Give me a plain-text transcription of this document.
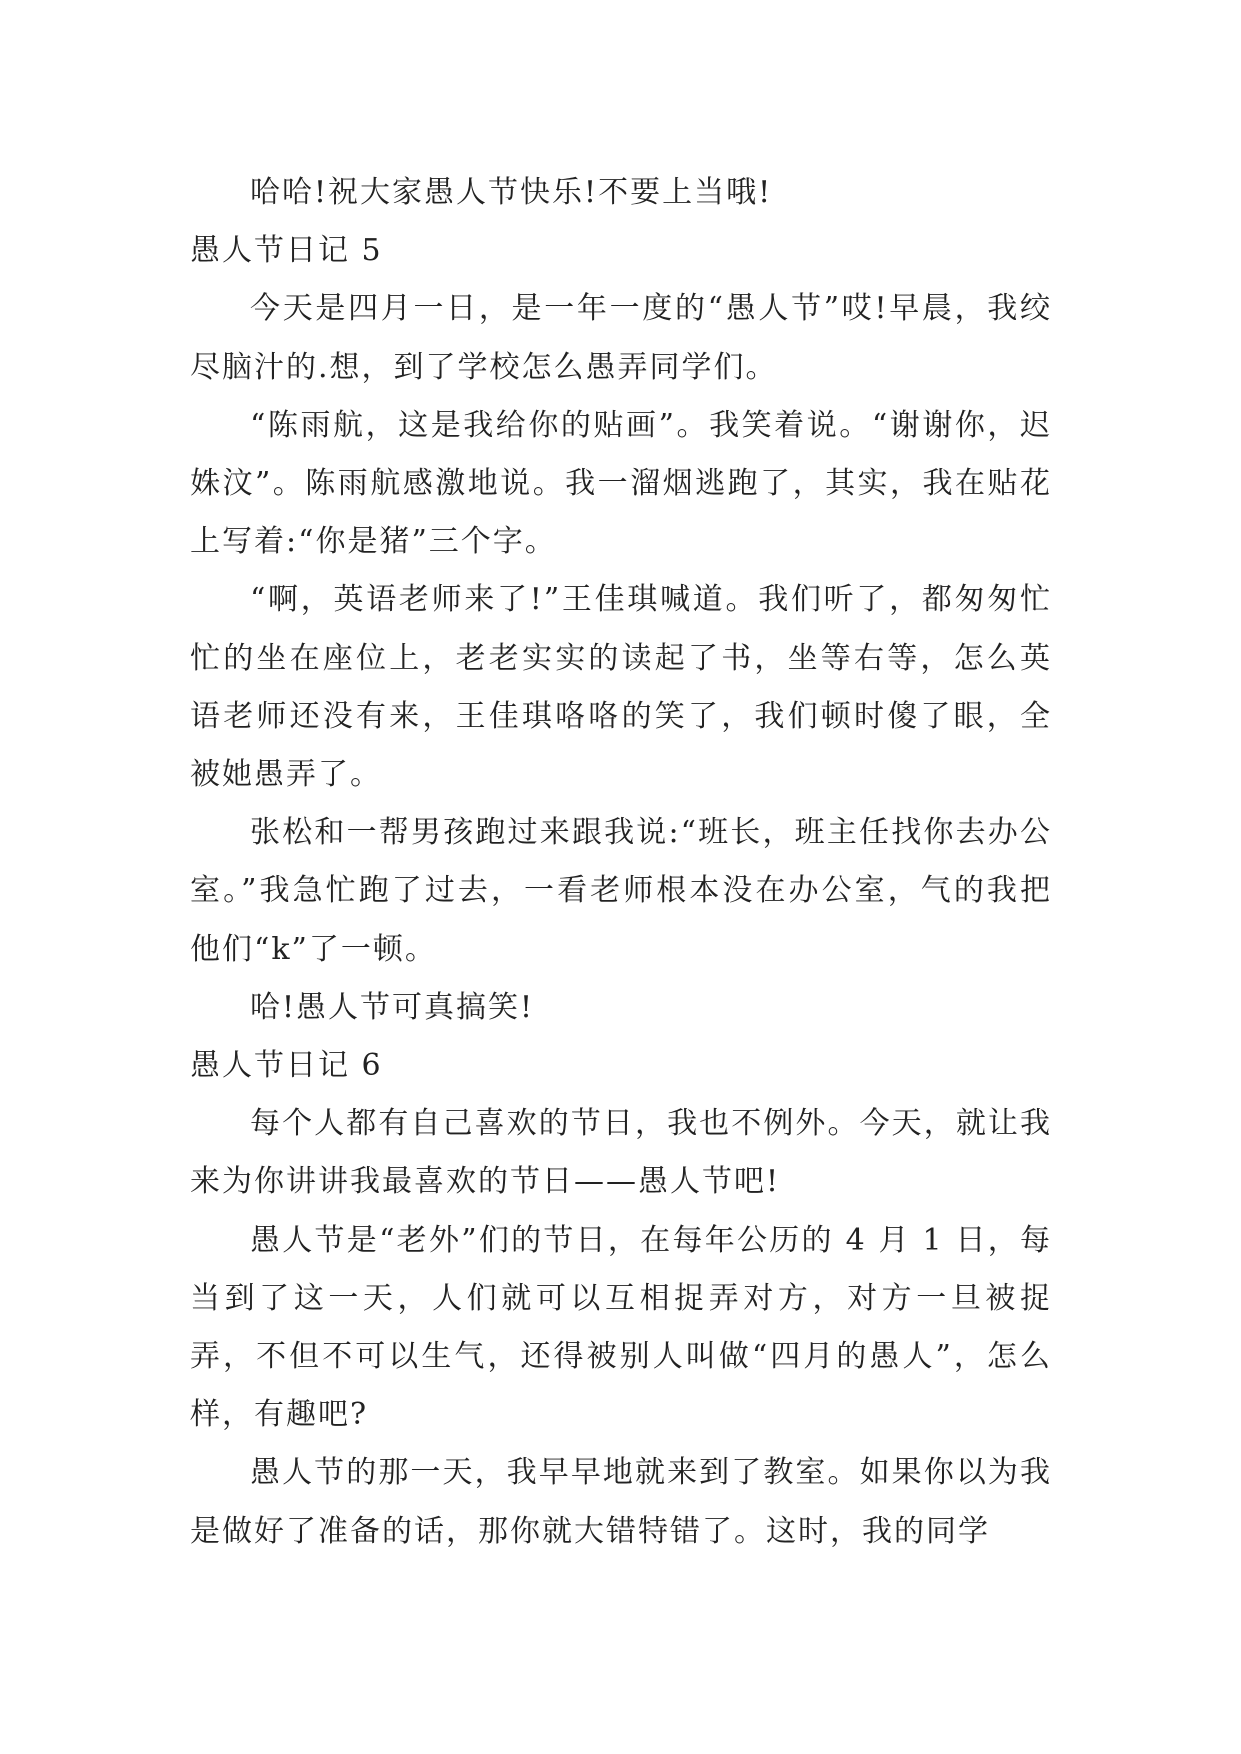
哈哈!祝大家愚人节快乐!不要上当哦!

愚人节日记 5

今天是四月一日，是一年一度的“愚人节”哎!早晨，我绞尽脑汁的.想，到了学校怎么愚弄同学们。

“陈雨航，这是我给你的贴画”。我笑着说。“谢谢你，迟姝汶”。陈雨航感激地说。我一溜烟逃跑了，其实，我在贴花上写着:“你是猪”三个字。

“啊，英语老师来了!”王佳琪喊道。我们听了，都匆匆忙忙的坐在座位上，老老实实的读起了书，坐等右等，怎么英语老师还没有来，王佳琪咯咯的笑了，我们顿时傻了眼，全被她愚弄了。

张松和一帮男孩跑过来跟我说:“班长，班主任找你去办公室。”我急忙跑了过去，一看老师根本没在办公室，气的我把他们“k”了一顿。

哈!愚人节可真搞笑!

愚人节日记 6

每个人都有自己喜欢的节日，我也不例外。今天，就让我来为你讲讲我最喜欢的节日——愚人节吧!

愚人节是“老外”们的节日，在每年公历的 4 月 1 日，每当到了这一天，人们就可以互相捉弄对方，对方一旦被捉弄，不但不可以生气，还得被别人叫做“四月的愚人”，怎么样，有趣吧?

愚人节的那一天，我早早地就来到了教室。如果你以为我是做好了准备的话，那你就大错特错了。这时，我的同学
